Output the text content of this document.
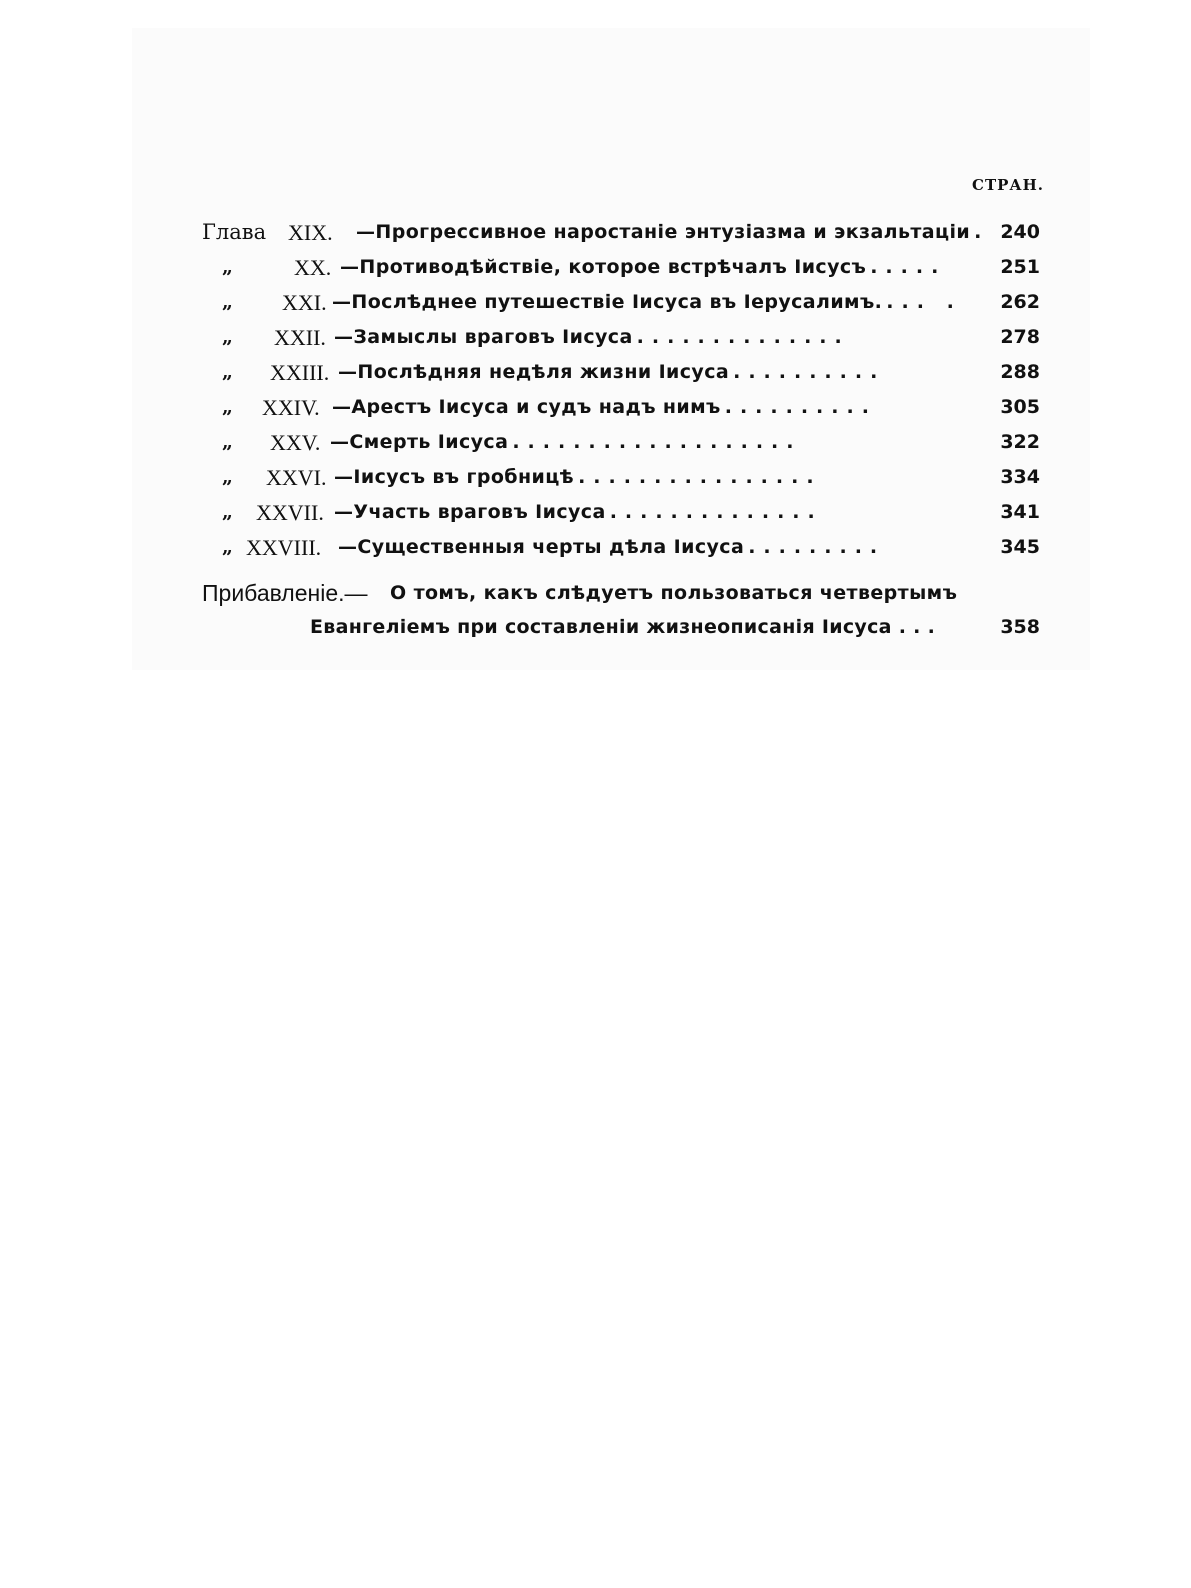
СТРАН.
Глава XIX. —Прогрессивное наростаніе энтузіазма и экзальтаціи . 240
„	XX. —Противодѣйствіе, которое встрѣчалъ Іисусъ .....	251
„	XXI. —Послѣднее путешествіе Іисуса въ Іерусалимъ. ... .	262
„	XXII. —Замыслы враговъ Іисуса ..............	278
„	XXIII. —Послѣдняя недѣля жизни Іисуса ..........	288
„	XXIV. —Арестъ Іисуса и судъ надъ нимъ ..........	305
„	XXV. —Смерть Іисуса ...................	322
„	XXVI. —Іисусъ въ гробницѣ ................	334
„	XXVII. —Участь враговъ Іисуса ..............	341
„ XXVIII. —Существенныя черты дѣла Іисуса .........	345
Прибавленіе.— О томъ, какъ слѣдуетъ пользоваться четвертымъ
Евангеліемъ при составленіи жизнеописанія Іисуса . . .	358
